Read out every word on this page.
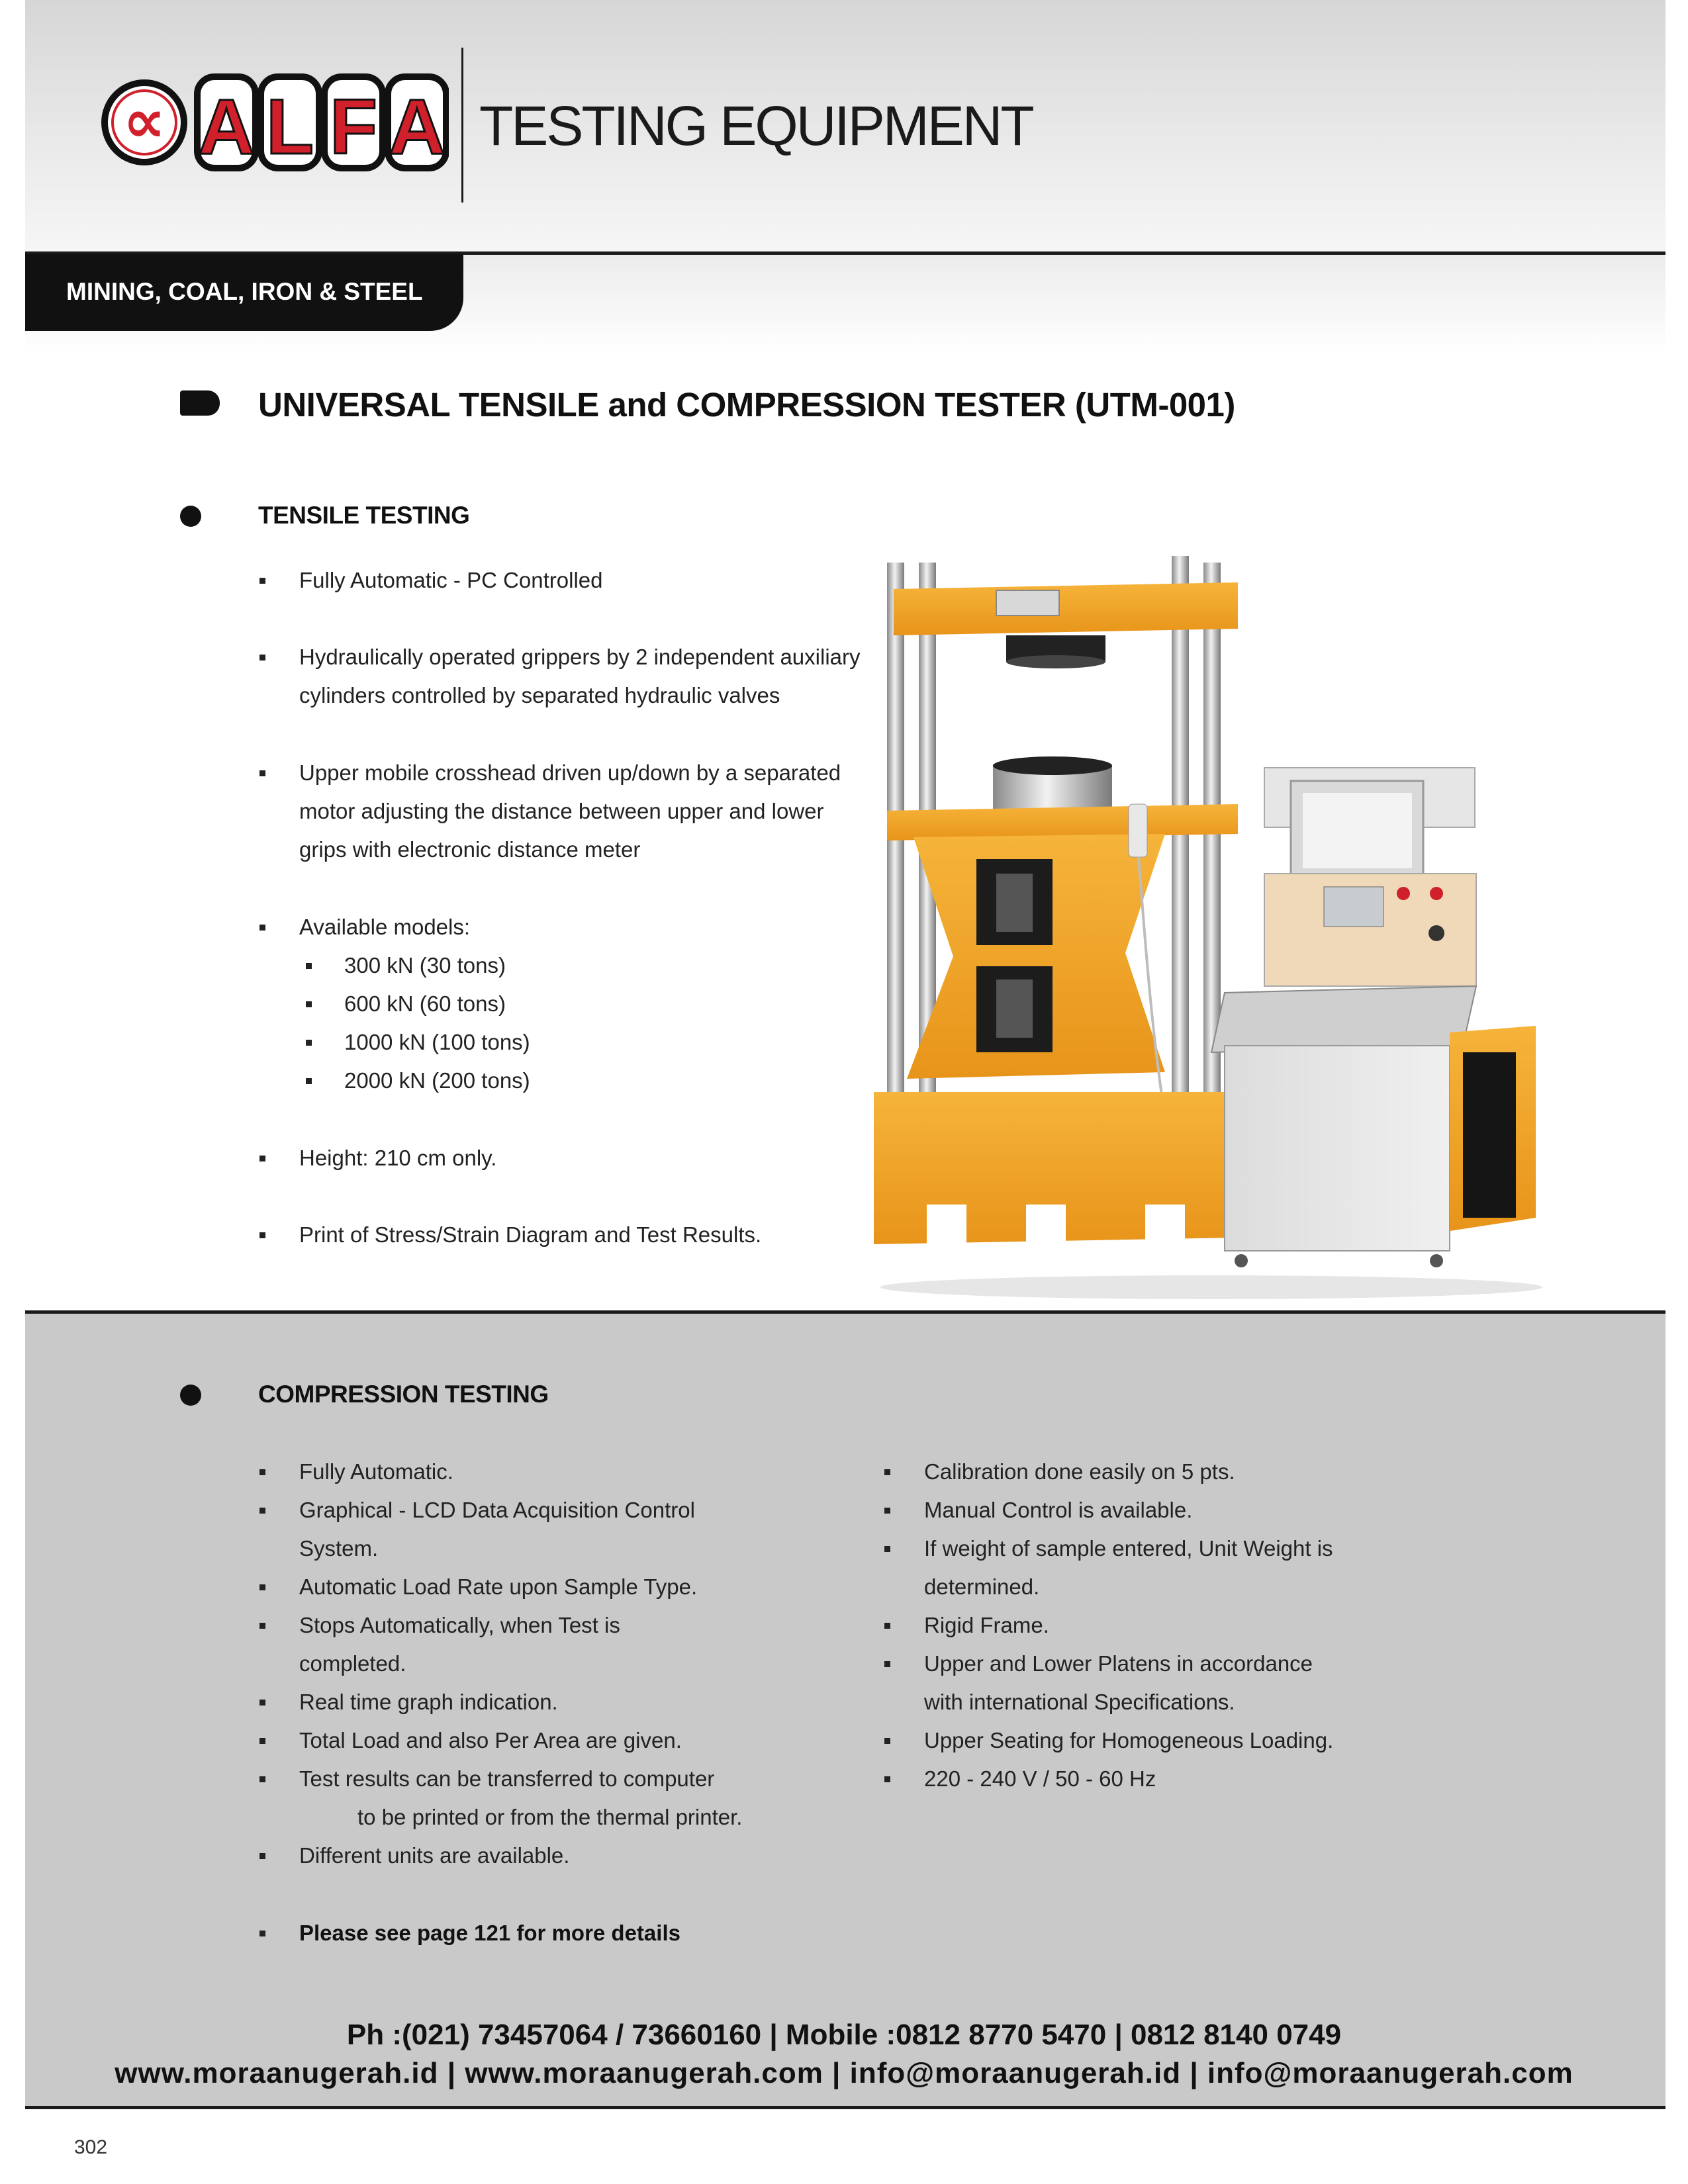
∝ A L F A TESTING EQUIPMENT
MINING, COAL, IRON & STEEL
UNIVERSAL TENSILE and COMPRESSION TESTER (UTM-001)
TENSILE TESTING
Fully Automatic - PC Controlled
Hydraulically operated grippers by 2 independent auxiliary
cylinders controlled by separated hydraulic valves
Upper mobile crosshead driven up/down by a separated
motor adjusting the distance between upper and lower
grips with electronic distance meter
Available models:
300 kN (30 tons)
600 kN (60 tons)
1000 kN (100 tons)
2000 kN (200 tons)
Height: 210 cm only.
Print of Stress/Strain Diagram and Test Results.
COMPRESSION TESTING
Fully Automatic.
Graphical - LCD Data Acquisition Control
System.
Automatic Load Rate upon Sample Type.
Stops Automatically, when Test is
completed.
Real time graph indication.
Total Load and also Per Area are given.
Test results can be transferred to computer
to be printed or from the thermal printer.
Different units are available.
Calibration done easily on 5 pts.
Manual Control is available.
If weight of sample entered, Unit Weight is
determined.
Rigid Frame.
Upper and Lower Platens in accordance
with international Specifications.
Upper Seating for Homogeneous Loading.
220 - 240 V / 50 - 60 Hz
Please see page 121 for more details
Ph :(021) 73457064 / 73660160 | Mobile :0812 8770 5470 | 0812 8140 0749
www.moraanugerah.id | www.moraanugerah.com | info@moraanugerah.id | info@moraanugerah.com
302
